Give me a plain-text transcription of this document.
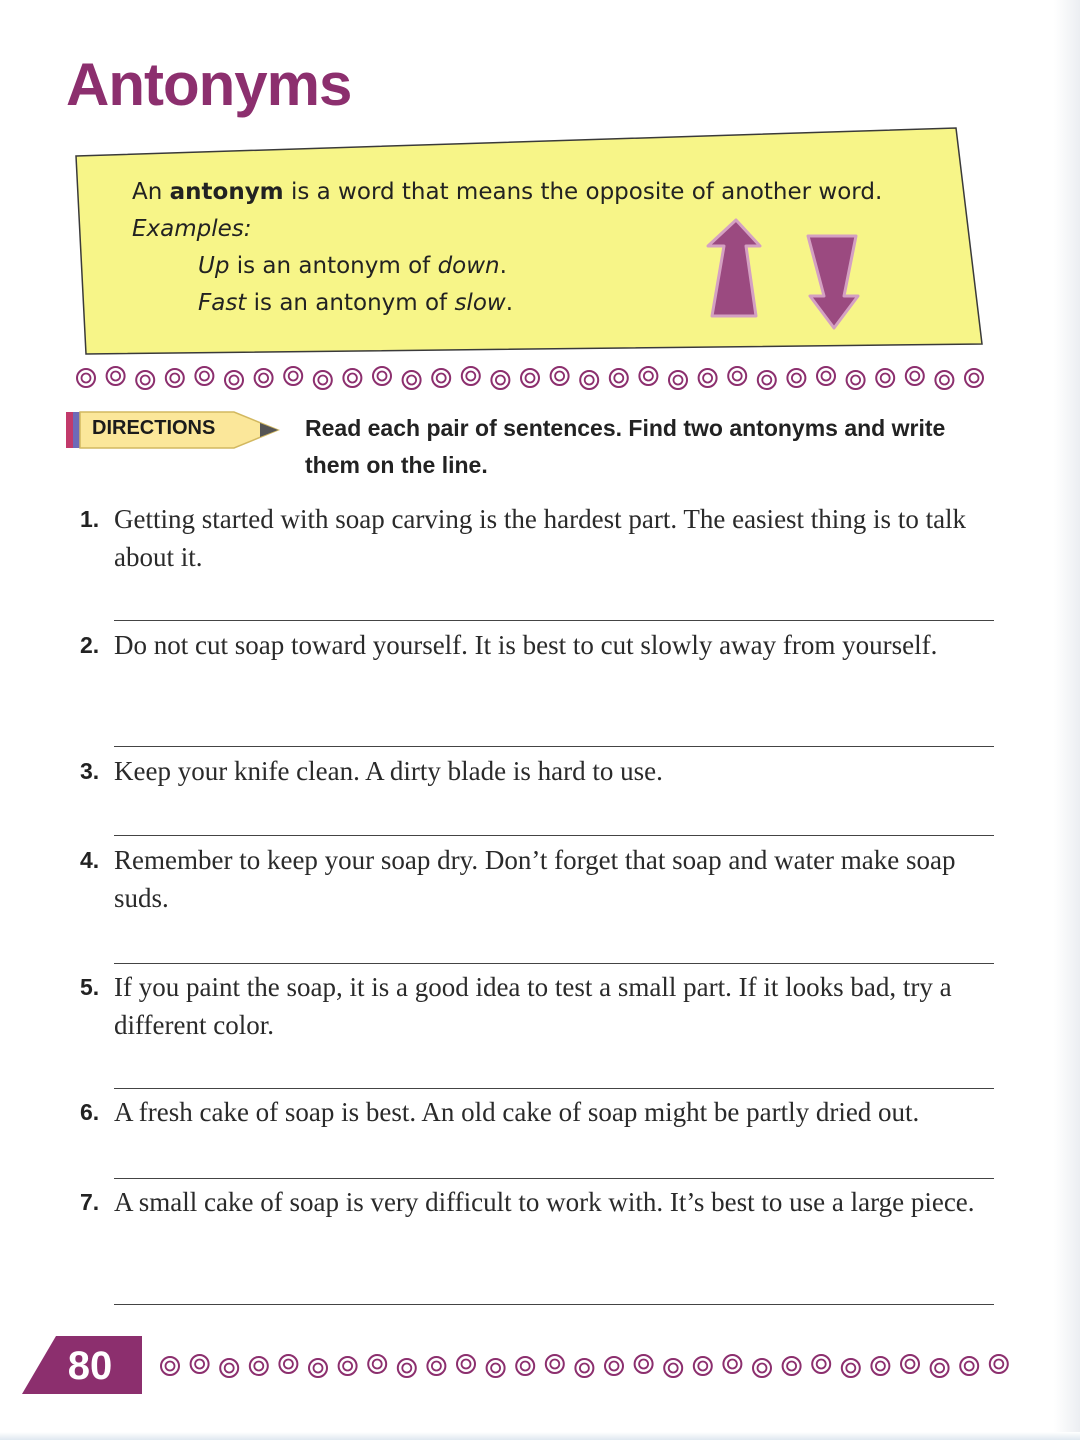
Antonyms
An antonym is a word that means the opposite of another word.
Examples:
Up is an antonym of down.
Fast is an antonym of slow.
DIRECTIONS	Read each pair of sentences. Find two antonyms and write them on the line.
1. Getting started with soap carving is the hardest part. The easiest thing is to talk about it.
2. Do not cut soap toward yourself. It is best to cut slowly away from yourself.
3. Keep your knife clean. A dirty blade is hard to use.
4. Remember to keep your soap dry. Don’t forget that soap and water make soap suds.
5. If you paint the soap, it is a good idea to test a small part. If it looks bad, try a different color.
6. A fresh cake of soap is best. An old cake of soap might be partly dried out.
7. A small cake of soap is very difficult to work with. It’s best to use a large piece.
80
